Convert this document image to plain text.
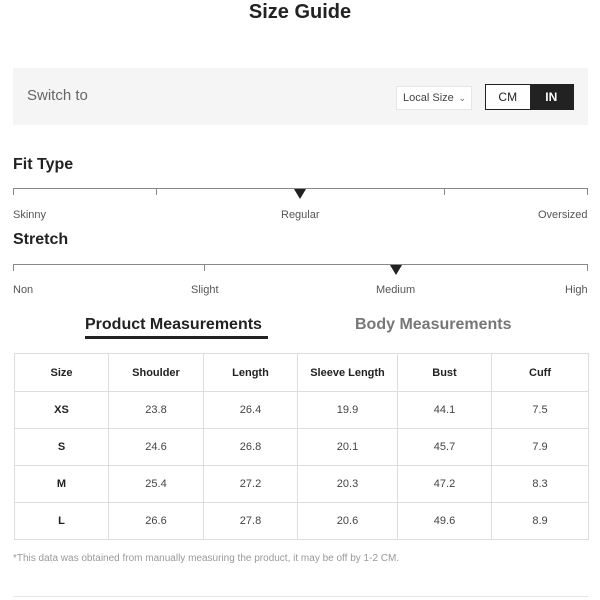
Size Guide
Switch to	Local Size ⌄	CM	IN
Fit Type
Skinny	Regular	Oversized
Stretch
Non	Slight	Medium	High
Product Measurements	Body Measurements
Size	Shoulder	Length	Sleeve Length	Bust	Cuff
XS	23.8	26.4	19.9	44.1	7.5
S	24.6	26.8	20.1	45.7	7.9
M	25.4	27.2	20.3	47.2	8.3
L	26.6	27.8	20.6	49.6	8.9
*This data was obtained from manually measuring the product, it may be off by 1-2 CM.
